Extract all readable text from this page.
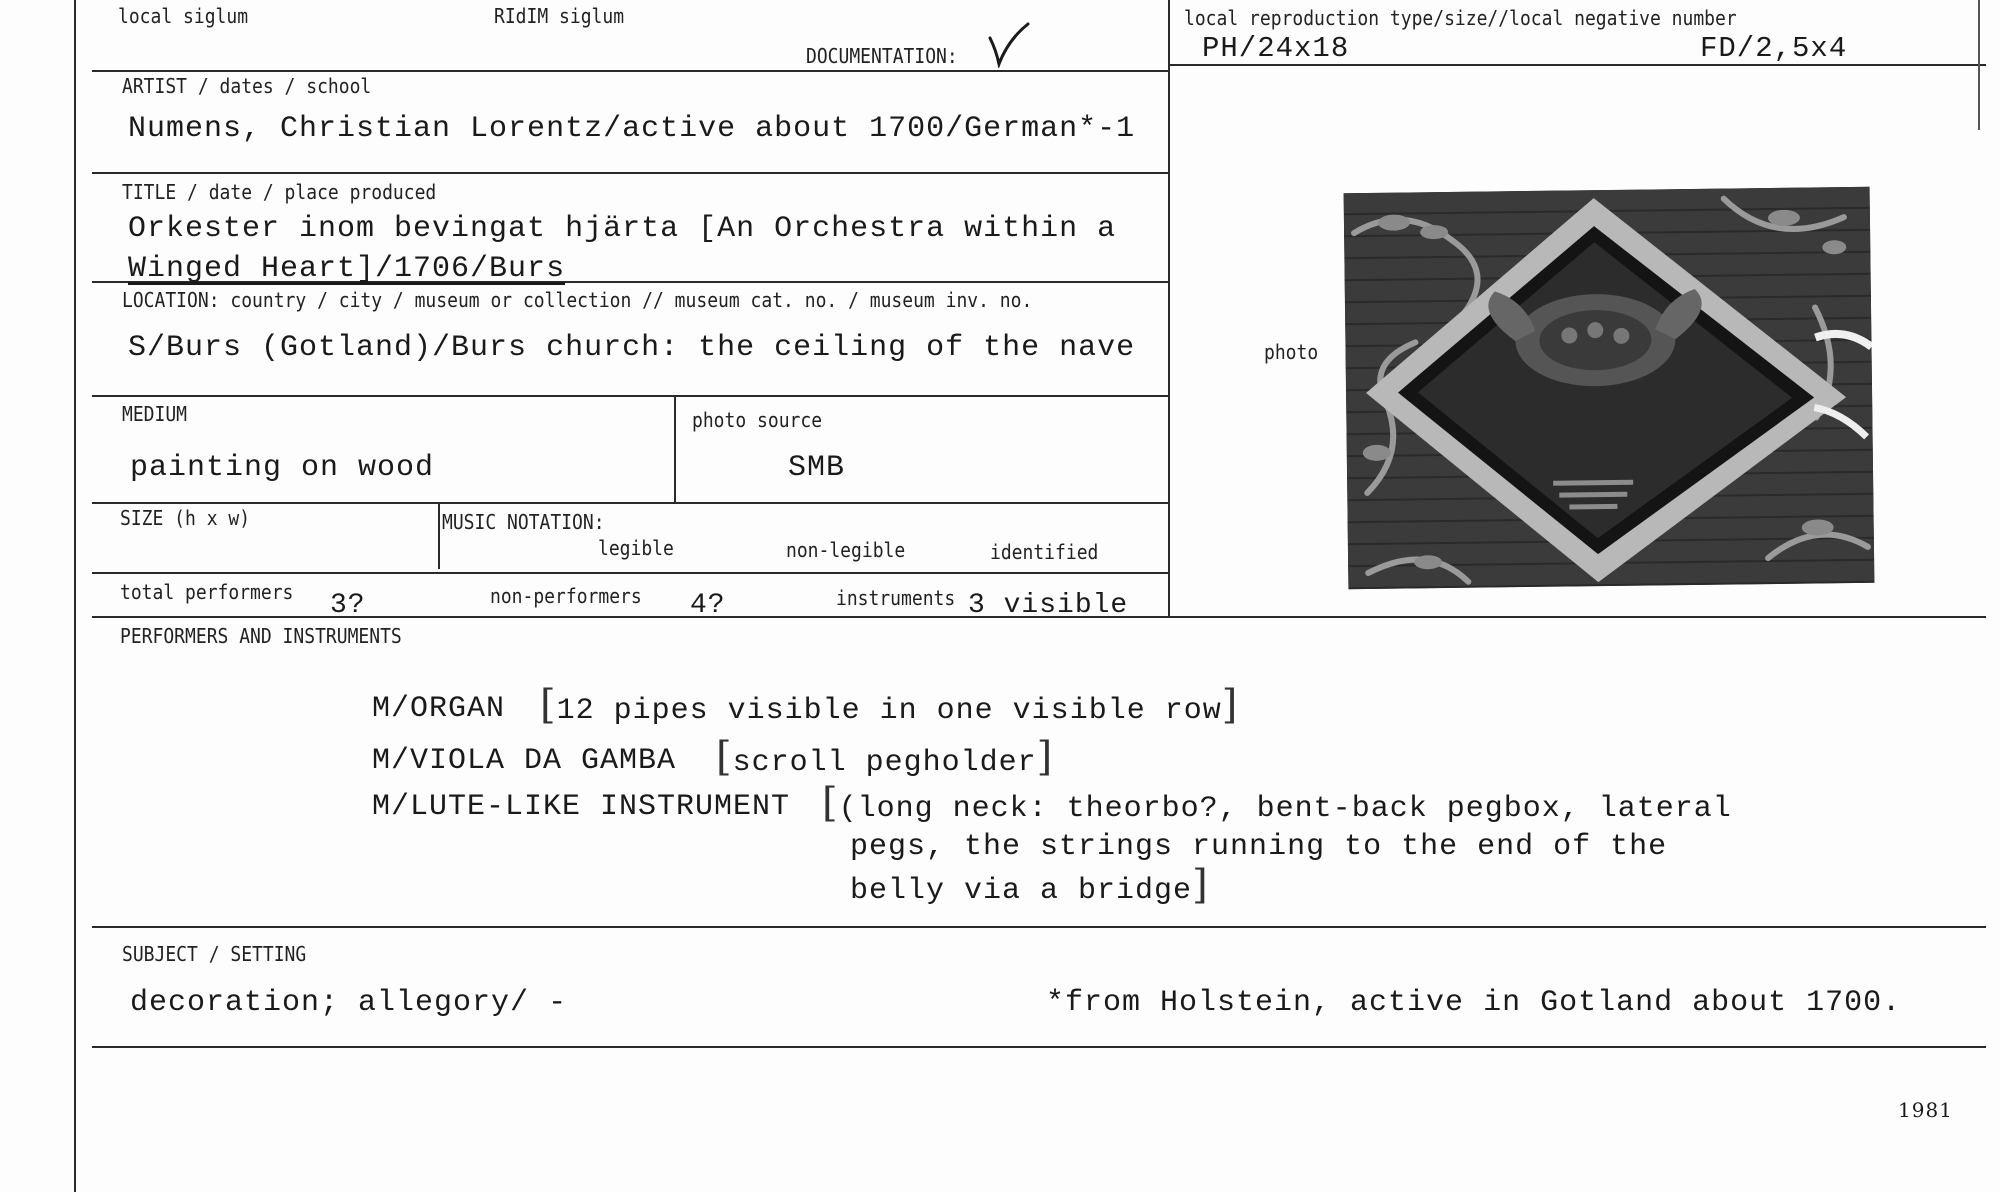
local siglum	RIdIM siglum
DOCUMENTATION:
local reproduction type/size//local negative number
PH/24x18	FD/2,5x4
ARTIST / dates / school
Numens, Christian Lorentz/active about 1700/German*-1
TITLE / date / place produced
Orkester inom bevingat hjärta [An Orchestra within a
Winged Heart]/1706/Burs
LOCATION: country / city / museum or collection // museum cat. no. / museum inv. no.
S/Burs (Gotland)/Burs church: the ceiling of the nave
MEDIUM
painting on wood
photo source
SMB
SIZE (h x w)	MUSIC NOTATION:
legible	non-legible	identified
total performers 3?	non-performers 4?	instruments 3 visible
photo
PERFORMERS AND INSTRUMENTS
M/ORGAN [12 pipes visible in one visible row]
M/VIOLA DA GAMBA [scroll pegholder]
M/LUTE-LIKE INSTRUMENT [(long neck: theorbo?, bent-back pegbox, lateral
pegs, the strings running to the end of the
belly via a bridge]
SUBJECT / SETTING
decoration; allegory/ -	*from Holstein, active in Gotland about 1700.
1981
